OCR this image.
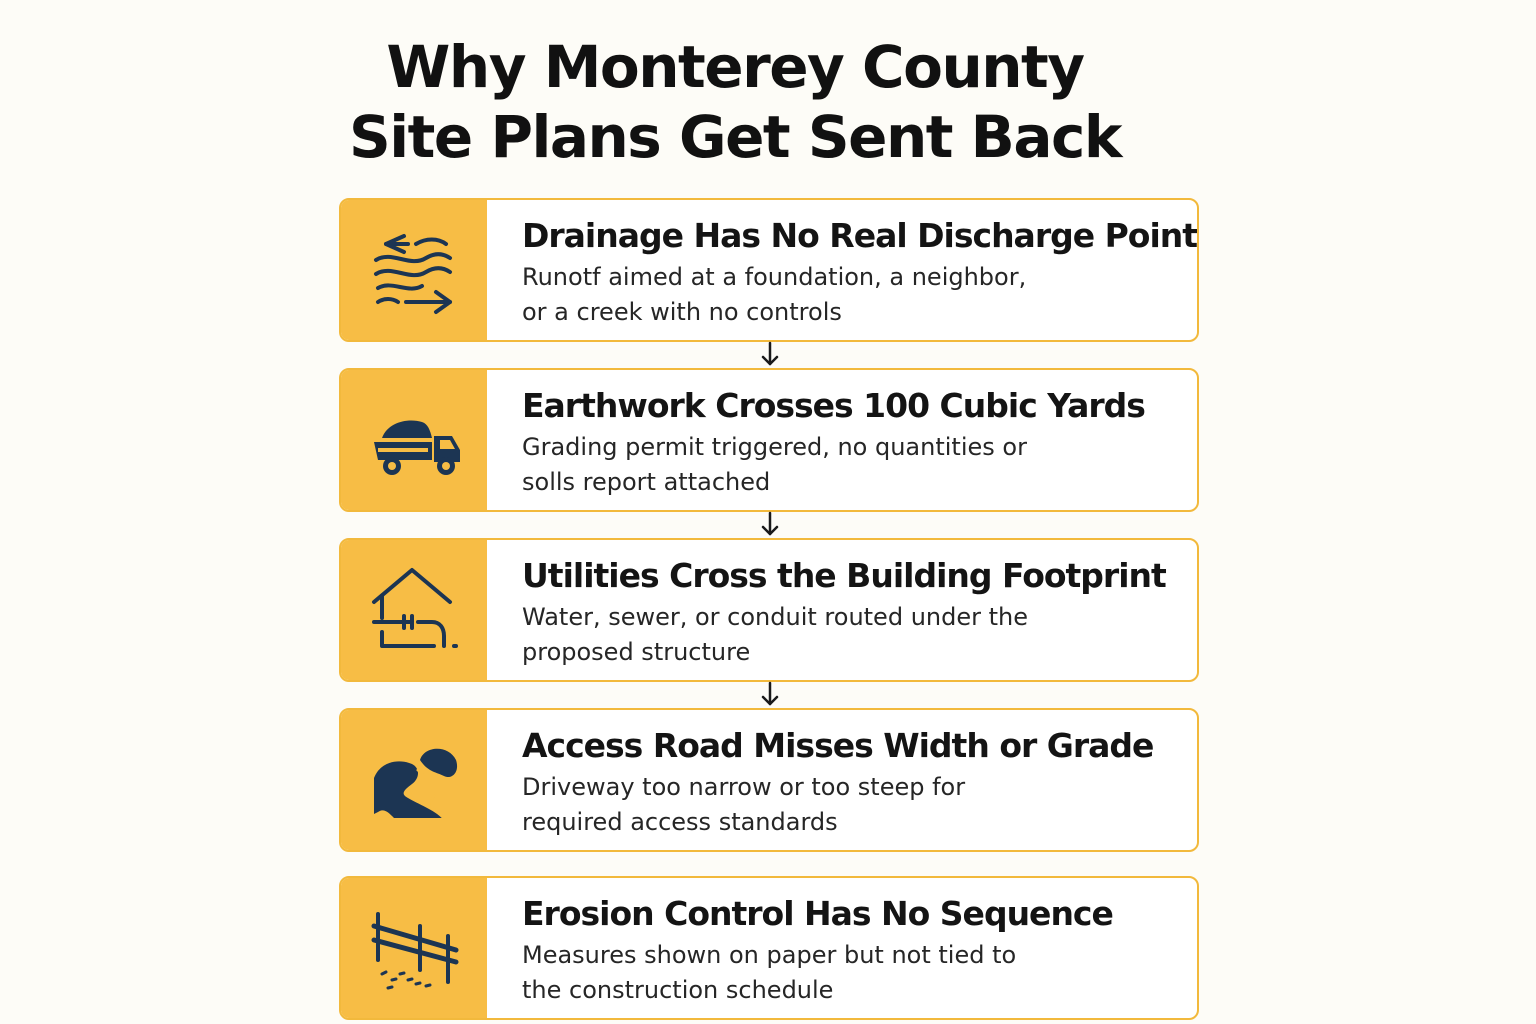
Why Monterey County
Site Plans Get Sent Back
Drainage Has No Real Discharge Point
Runotf aimed at a foundation, a neighbor, or a creek with no controls
Earthwork Crosses 100 Cubic Yards
Grading permit triggered, no quantities or solls report attached
Utilities Cross the Building Footprint
Water, sewer, or conduit routed under the proposed structure
Access Road Misses Width or Grade
Driveway too narrow or too steep for required access standards
Erosion Control Has No Sequence
Measures shown on paper but not tied to the construction schedule
